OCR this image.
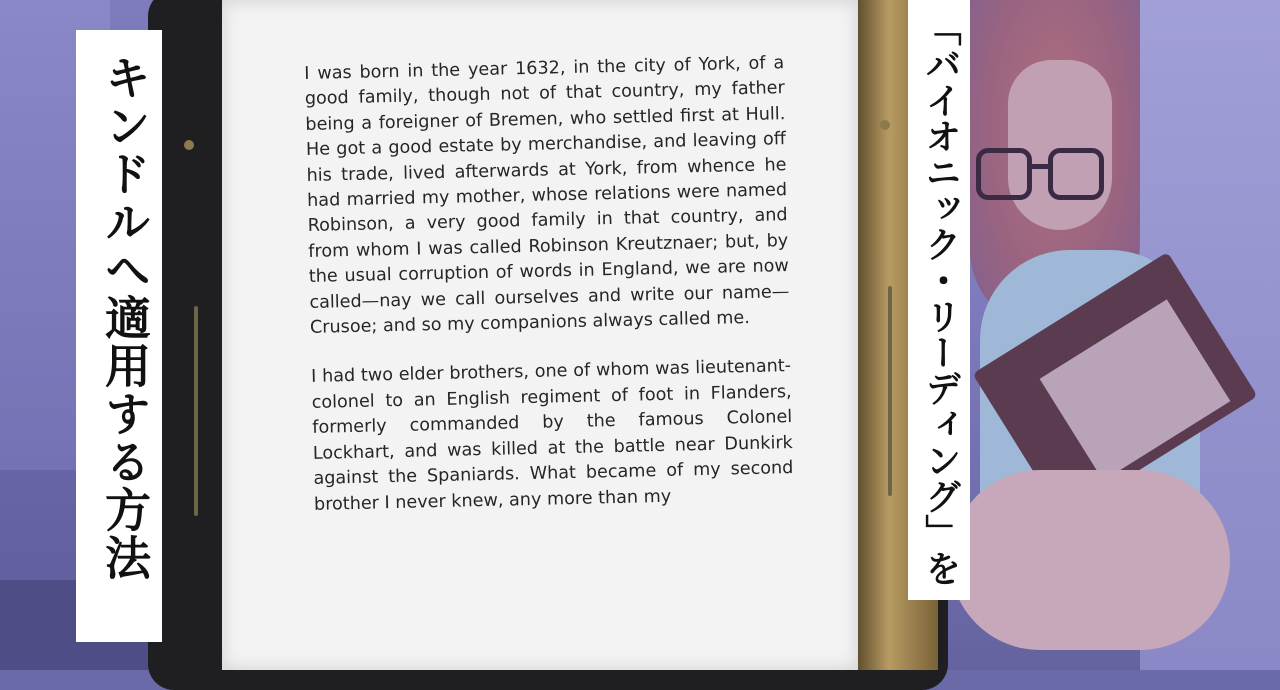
I was born in the year 1632, in the city of York, of a good family, though not of that country, my father being a foreigner of Bremen, who settled first at Hull. He got a good estate by merchandise, and leaving off his trade, lived afterwards at York, from whence he had married my mother, whose relations were named Robinson, a very good family in that country, and from whom I was called Robinson Kreutznaer; but, by the usual corruption of words in England, we are now called—nay we call ourselves and write our name—Crusoe; and so my companions always called me.

I had two elder brothers, one of whom was lieutenant-colonel to an English regiment of foot in Flanders, formerly commanded by the famous Colonel Lockhart, and was killed at the battle near Dunkirk against the Spaniards. What became of my second brother I never knew, any more than my

キンドルへ適用する方法	「バイオニック・リーディング」を
